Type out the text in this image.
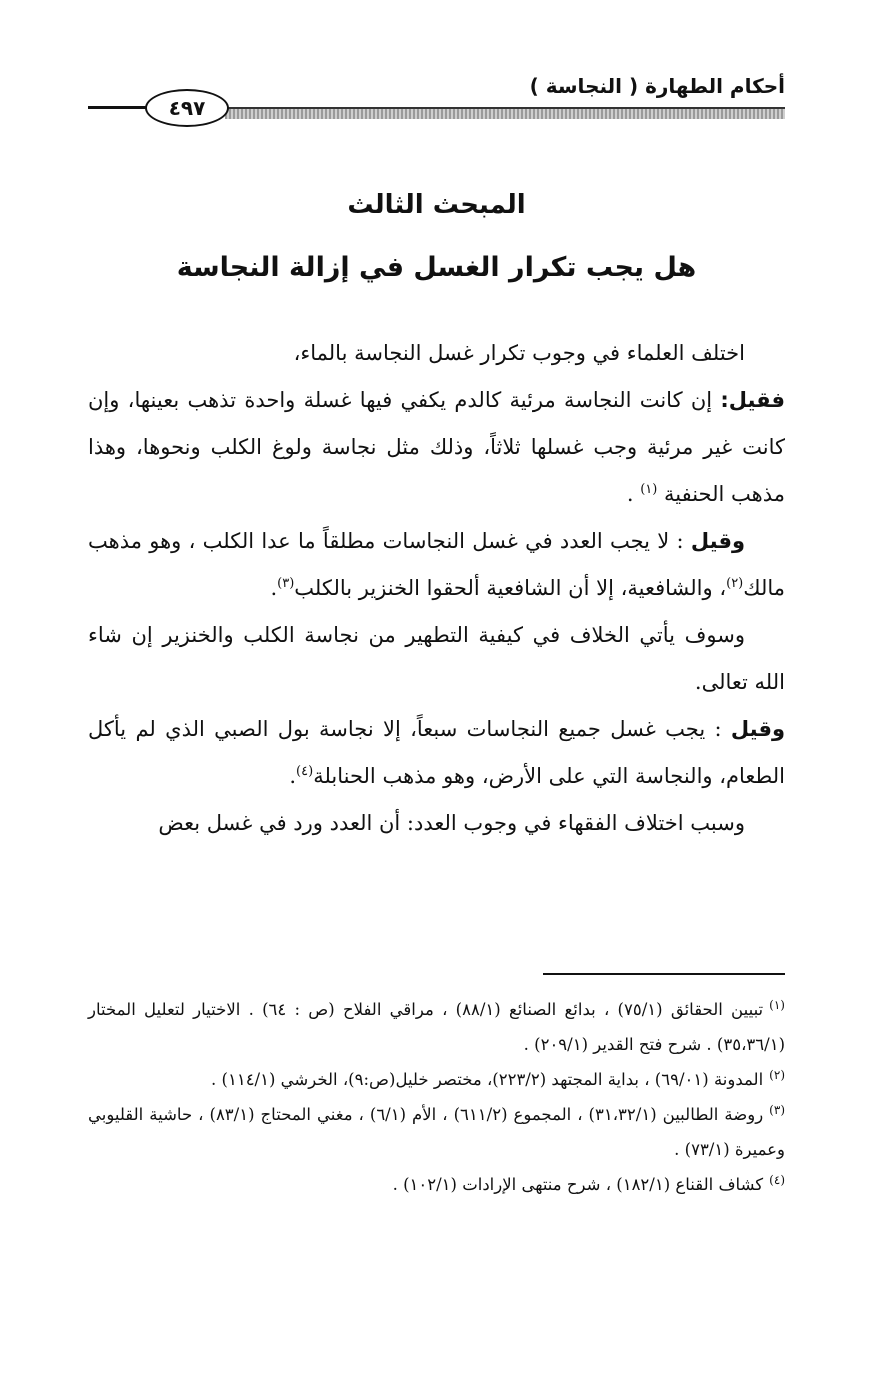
أحكام الطهارة ( النجاسة )
٤٩٧
المبحث الثالث
هل يجب تكرار الغسل في إزالة النجاسة

اختلف العلماء في وجوب تكرار غسل النجاسة بالماء،

فقيل: إن كانت النجاسة مرئية كالدم يكفي فيها غسلة واحدة تذهب بعينها، وإن كانت غير مرئية وجب غسلها ثلاثاً، وذلك مثل نجاسة ولوغ الكلب ونحوها، وهذا مذهب الحنفية $^{(١)}$ .

وقيل : لا يجب العدد في غسل النجاسات مطلقاً ما عدا الكلب ، وهو مذهب مالك$^{(٢)}$، والشافعية، إلا أن الشافعية ألحقوا الخنزير بالكلب$^{(٣)}$.

وسوف يأتي الخلاف في كيفية التطهير من نجاسة الكلب والخنزير إن شاء الله تعالى.

وقيل : يجب غسل جميع النجاسات سبعاً، إلا نجاسة بول الصبي الذي لم يأكل الطعام، والنجاسة التي على الأرض، وهو مذهب الحنابلة$^{(٤)}$.

وسبب اختلاف الفقهاء في وجوب العدد: أن العدد ورد في غسل بعض

$^{(١)}$تبيين الحقائق (٧٥/١) ، بدائع الصنائع (٨٨/١) ، مراقي الفلاح (ص : ٦٤) . الاختيار لتعليل المختار (٣٥،٣٦/١) . شرح فتح القدير (٢٠٩/١) .

$^{(٢)}$المدونة (٦٩/٠١) ، بداية المجتهد (٢٢٣/٢)، مختصر خليل(ص:٩)، الخرشي (١١٤/١) .

$^{(٣)}$روضة الطالبين (٣١،٣٢/١) ، المجموع (٦١١/٢) ، الأم (٦/١) ، مغني المحتاج (٨٣/١) ، حاشية القليوبي وعميرة (٧٣/١) .

$^{(٤)}$كشاف القناع (١٨٢/١) ، شرح منتهى الإرادات (١٠٢/١) .
